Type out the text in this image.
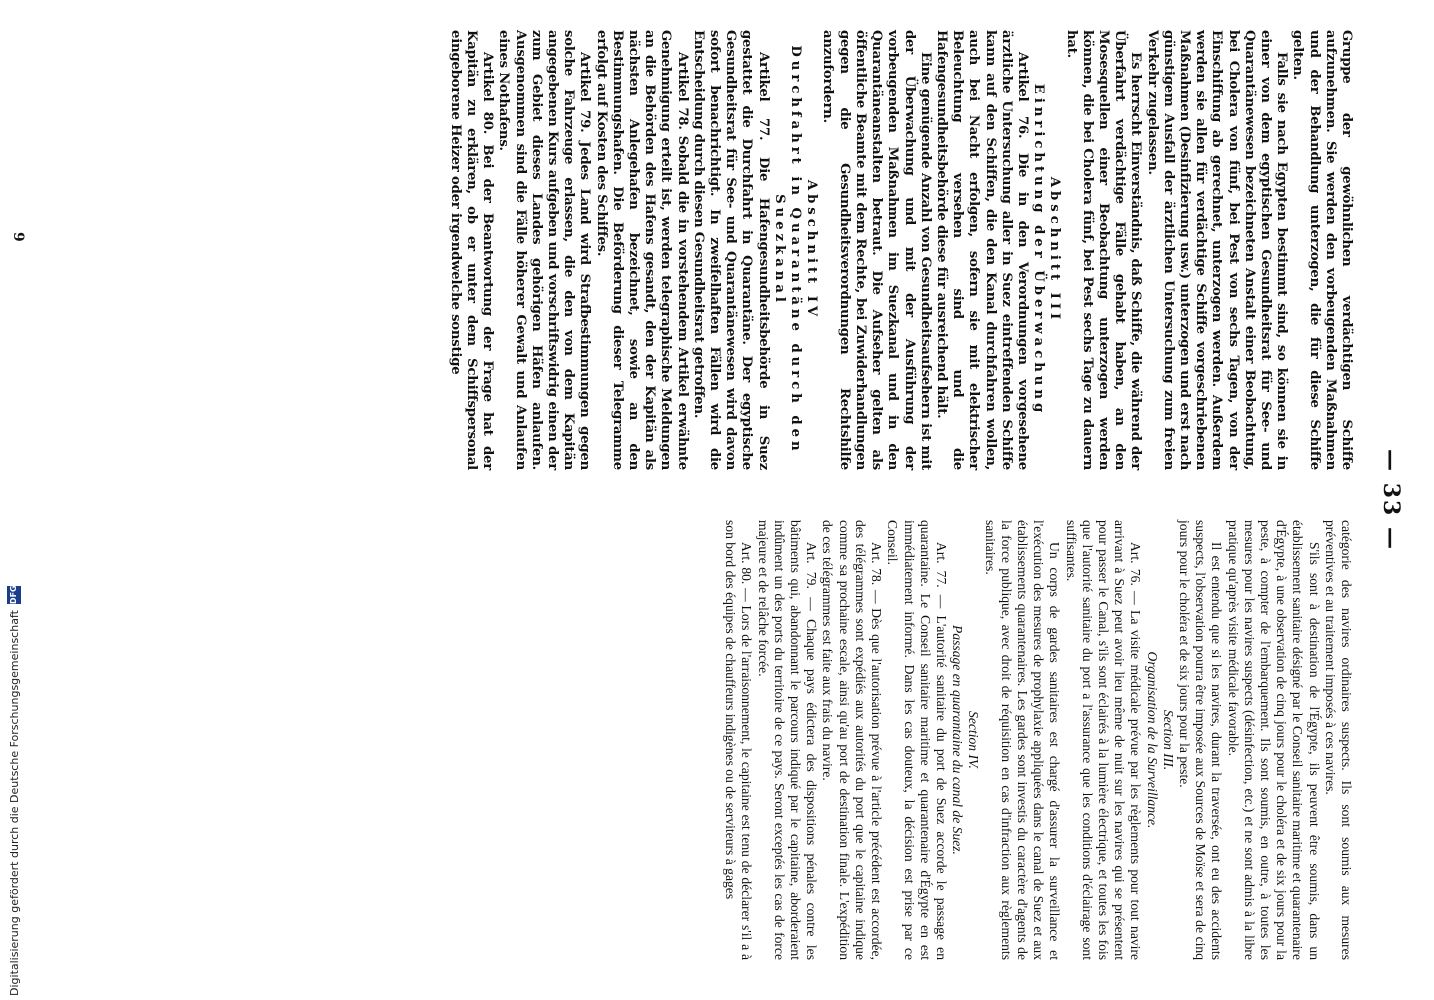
— 33 —

Gruppe der gewöhnlichen verdächtigen Schiffe aufzunehmen. Sie werden den vorbeugenden Maßnahmen und der Behandlung unterzogen, die für diese Schiffe gelten.

Falls sie nach Egypten bestimmt sind, so können sie in einer von dem egyptischen Gesundheitsrat für See- und Quarantänewesen bezeichneten Anstalt einer Beobachtung, bei Cholera von fünf, bei Pest von sechs Tagen, von der Einschiffung ab gerechnet, unterzogen werden. Außerdem werden sie allen für verdächtige Schiffe vorgeschriebenen Maßnahmen (Desinfizierung usw.) unterzogen und erst nach günstigem Ausfall der ärztlichen Untersuchung zum freien Verkehr zugelassen.

Es herrscht Einverständnis, daß Schiffe, die während der Überfahrt verdächtige Fälle gehabt haben, an den Mosesquellen einer Beobachtung unterzogen werden können, die bei Cholera fünf, bei Pest sechs Tage zu dauern hat.

Abschnitt III

Einrichtung der Überwachung

Artikel 76. Die in den Verordnungen vorgesehene ärztliche Untersuchung aller in Suez eintreffenden Schiffe kann auf den Schiffen, die den Kanal durchfahren wollen, auch bei Nacht erfolgen, sofern sie mit elektrischer Beleuchtung versehen sind und die Hafengesundheitsbehörde diese für ausreichend hält.

Eine genügende Anzahl von Gesundheitsaufsehern ist mit der Überwachung und mit der Ausführung der vorbeugenden Maßnahmen im Suezkanal und in den Quarantäneanstalten betraut. Die Aufseher gelten als öffentliche Beamte mit dem Rechte, bei Zuwiderhandlungen gegen die Gesundheitsverordnungen Rechtshilfe anzufordern.

Abschnitt IV

Durchfahrt in Quarantäne durch den Suezkanal

Artikel 77. Die Hafengesundheitsbehörde in Suez gestattet die Durchfahrt in Quarantäne. Der egyptische Gesundheitsrat für See- und Quarantänewesen wird davon sofort benachrichtigt. In zweifelhaften Fällen wird die Entscheidung durch diesen Gesundheitsrat getroffen.

Artikel 78. Sobald die in vorstehendem Artikel erwähnte Genehmigung erteilt ist, werden telegraphische Meldungen an die Behörden des Hafens gesandt, den der Kapitän als nächsten Anlegehafen bezeichnet, sowie an den Bestimmungshafen. Die Beförderung dieser Telegramme erfolgt auf Kosten des Schiffes.

Artikel 79. Jedes Land wird Strafbestimmungen gegen solche Fahrzeuge erlassen, die den von dem Kapitän angegebenen Kurs aufgeben und vorschriftswidrig einen der zum Gebiet dieses Landes gehörigen Häfen anlaufen. Ausgenommen sind die Fälle höherer Gewalt und Anlaufen eines Nothafens.

Artikel 80. Bei der Beantwortung der Frage hat der Kapitän zu erklären, ob er unter dem Schiffspersonal eingeborene Heizer oder irgendwelche sonstige

catégorie des navires ordinaires suspects. Ils sont soumis aux mesures préventives et au traitement imposés à ces navires.

S'ils sont à destination de l'Égypte, ils peuvent être soumis, dans un établissement sanitaire désigné par le Conseil sanitaire maritime et quarantenaire d'Égypte, à une observation de cinq jours pour le choléra et de six jours pour la peste, à compter de l'embarquement. Ils sont soumis, en outre, à toutes les mesures pour les navires suspects (désinfection, etc.) et ne sont admis à la libre pratique qu'après visite médicale favorable.

Il est entendu que si les navires, durant la traversée, ont eu des accidents suspects, l'observation pourra être imposée aux Sources de Moïse et sera de cinq jours pour le choléra et de six jours pour la peste.

Section III.

Organisation de la Surveillance.

Art. 76. — La visite médicale prévue par les règlements pour tout navire arrivant à Suez peut avoir lieu même de nuit sur les navires qui se présentent pour passer le Canal, s'ils sont éclairés à la lumière électrique, et toutes les fois que l'autorité sanitaire du port a l'assurance que les conditions d'éclairage sont suffisantes.

Un corps de gardes sanitaires est chargé d'assurer la surveillance et l'exécution des mesures de prophylaxie appliquées dans le canal de Suez et aux établissements quarantenaires. Les gardes sont investis du caractère d'agents de la force publique, avec droit de réquisition en cas d'infraction aux règlements sanitaires.

Section IV.

Passage en quarantaine du canal de Suez.

Art. 77. — L'autorité sanitaire du port de Suez accorde le passage en quarantaine. Le Conseil sanitaire maritime et quarantenaire d'Égypte en est immédiatement informé. Dans les cas douteux, la décision est prise par ce Conseil.

Art. 78. — Dès que l'autorisation prévue à l'article précédent est accordée, des télégrammes sont expédiés aux autorités du port que le capitaine indique comme sa prochaine escale, ainsi qu'au port de destination finale. L'expédition de ces télégrammes est faite aux frais du navire.

Art. 79. — Chaque pays édictera des dispositions pénales contre les bâtiments qui, abandonnant le parcours indiqué par le capitaine, aborderaient indûment un des ports du territoire de ce pays. Seront exceptés les cas de force majeure et de relâche forcée.

Art. 80. — Lors de l'arraisonnement, le capitaine est tenu de déclarer s'il a à son bord des équipes de chauffeurs indigènes ou de serviteurs à gages

9
Digitalisierung gefördert durch die Deutsche Forschungsgemeinschaft
DFG
